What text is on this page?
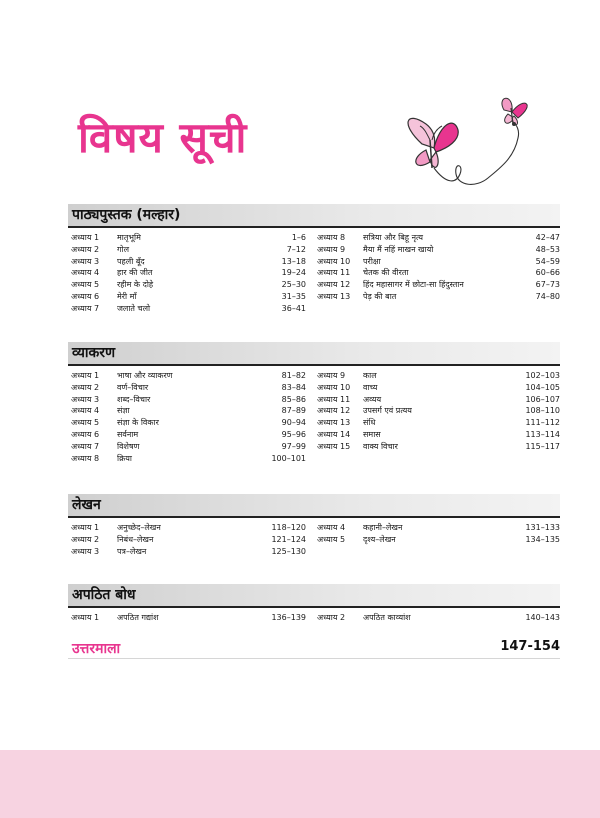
विषय सूची
पाठ्यपुस्तक (मल्हार)
अध्याय 1	मातृभूमि	1–6
अध्याय 2	गोल	7–12
अध्याय 3	पहली बूँद	13–18
अध्याय 4	हार की जीत	19–24
अध्याय 5	रहीम के दोहे	25–30
अध्याय 6	मेरी माँ	31–35
अध्याय 7	जलाते चलो	36–41
अध्याय 8	सत्रिया और बिहू नृत्य	42–47
अध्याय 9	मैया मैं नहिं माखन खायो	48–53
अध्याय 10	परीक्षा	54–59
अध्याय 11	चेतक की वीरता	60–66
अध्याय 12	हिंद महासागर में छोटा-सा हिंदुस्तान	67–73
अध्याय 13	पेड़ की बात	74–80
व्याकरण
अध्याय 1	भाषा और व्याकरण	81–82
अध्याय 2	वर्ण–विचार	83–84
अध्याय 3	शब्द–विचार	85–86
अध्याय 4	संज्ञा	87–89
अध्याय 5	संज्ञा के विकार	90–94
अध्याय 6	सर्वनाम	95–96
अध्याय 7	विशेषण	97–99
अध्याय 8	क्रिया	100–101
अध्याय 9	काल	102–103
अध्याय 10	वाच्य	104–105
अध्याय 11	अव्यय	106–107
अध्याय 12	उपसर्ग एवं प्रत्यय	108–110
अध्याय 13	संधि	111–112
अध्याय 14	समास	113–114
अध्याय 15	वाक्य विचार	115–117
लेखन
अध्याय 1	अनुच्छेद–लेखन	118–120
अध्याय 2	निबंध–लेखन	121–124
अध्याय 3	पत्र–लेखन	125–130
अध्याय 4	कहानी–लेखन	131–133
अध्याय 5	दृश्य–लेखन	134–135
अपठित बोध
अध्याय 1	अपठित गद्यांश	136–139	अध्याय 2	अपठित काव्यांश	140–143
उत्तरमाला	147-154
